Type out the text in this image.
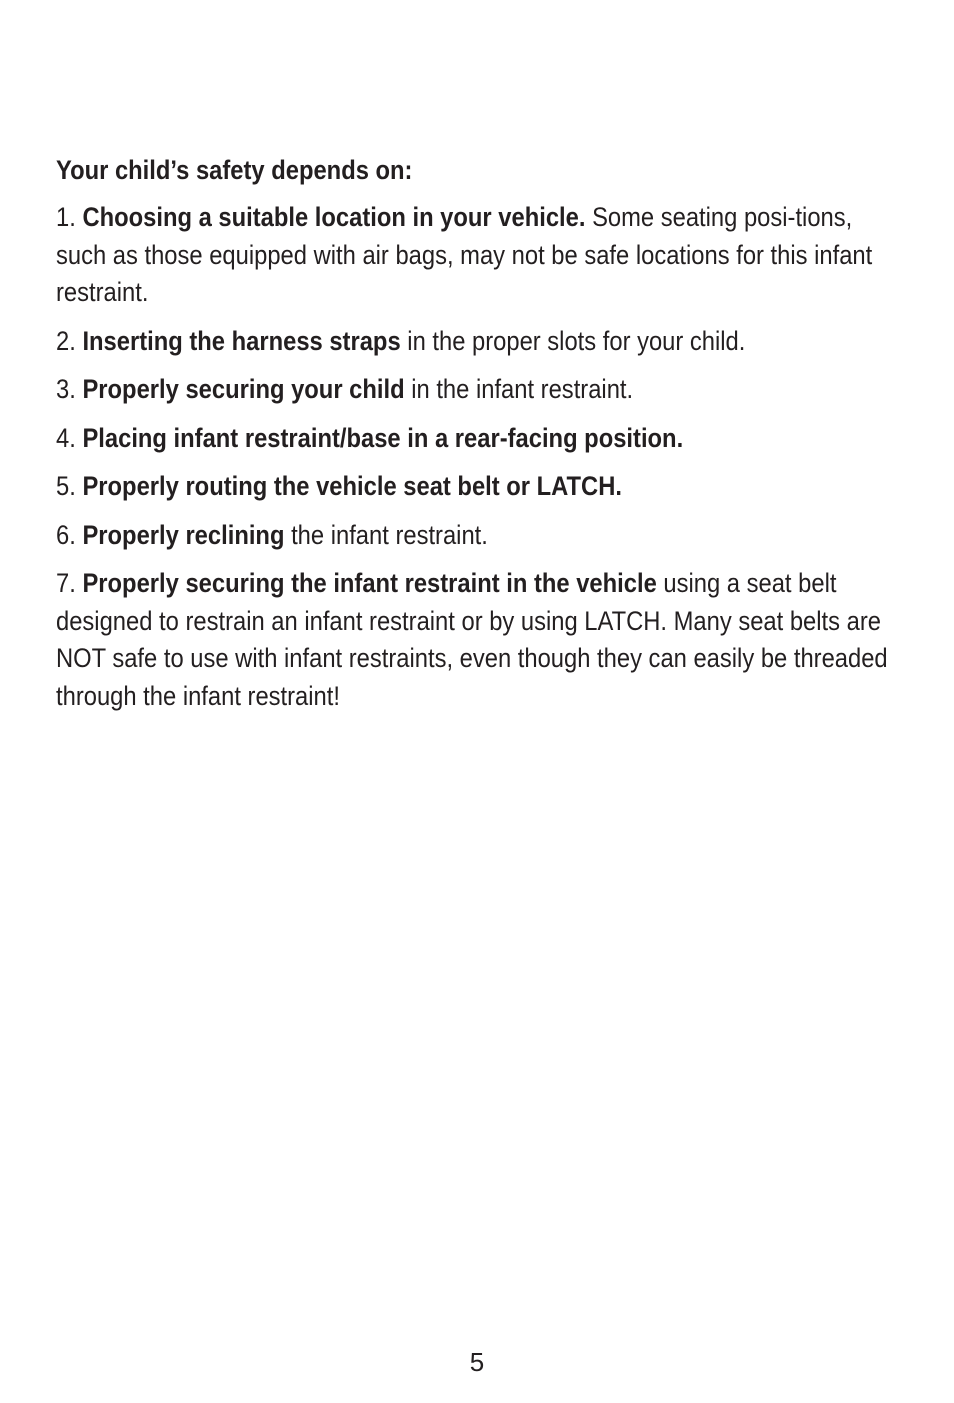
Your child’s safety depends on:

1. Choosing a suitable location in your vehicle. Some seating posi-tions, such as those equipped with air bags, may not be safe locations for this infant restraint.

2. Inserting the harness straps in the proper slots for your child.

3. Properly securing your child in the infant restraint.

4. Placing infant restraint/base in a rear-facing position.

5. Properly routing the vehicle seat belt or LATCH.

6. Properly reclining the infant restraint.

7. Properly securing the infant restraint in the vehicle using a seat belt designed to restrain an infant restraint or by using LATCH. Many seat belts are NOT safe to use with infant restraints, even though they can easily be threaded through the infant restraint!

5
